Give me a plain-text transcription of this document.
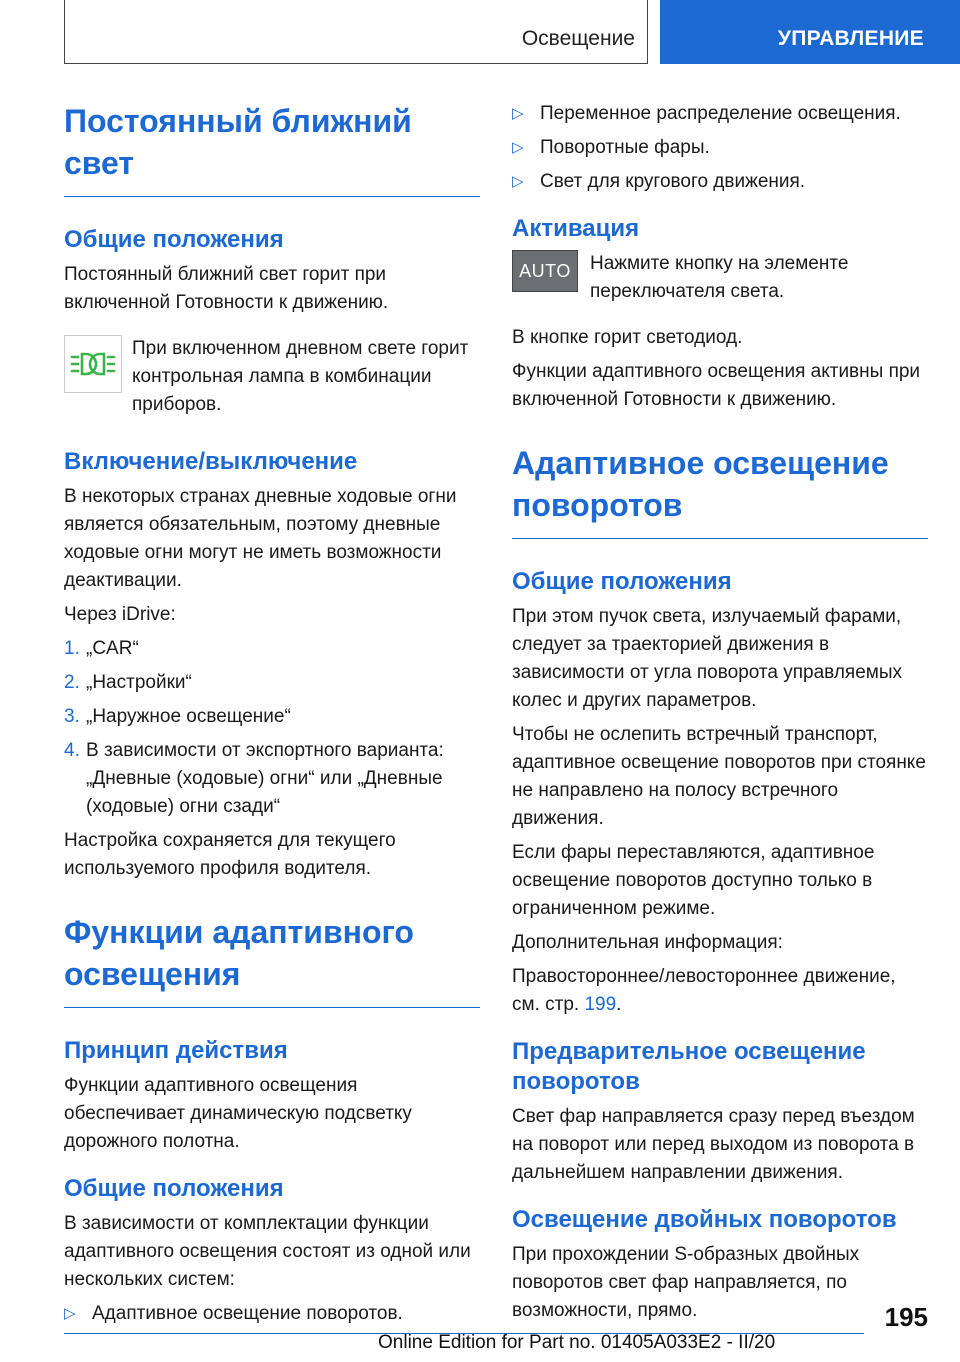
Освещение	УПРАВЛЕНИЕ
Постоянный ближний свет
Общие положения

Постоянный ближний свет горит при включенной Готовности к движению.

При включенном дневном свете горит контрольная лампа в комбинации приборов.

Включение/выключение

В некоторых странах дневные ходовые огни является обязательным, поэтому дневные ходовые огни могут не иметь возможности деактивации.

Через iDrive:

1. „CAR“
2. „Настройки“
3. „Наружное освещение“
4. В зависимости от экспортного варианта: „Дневные (ходовые) огни“ или „Дневные (ходовые) огни сзади“

Настройка сохраняется для текущего используемого профиля водителя.

Функции адаптивного освещения
Принцип действия

Функции адаптивного освещения обеспечивает динамическую подсветку дорожного полотна.

Общие положения

В зависимости от комплектации функции адаптивного освещения состоят из одной или нескольких систем:

▷ Адаптивное освещение поворотов.
▷ Переменное распределение освещения.
▷ Поворотные фары.
▷ Свет для кругового движения.
Активация
AUTO Нажмите кнопку на элементе переключателя света.

В кнопке горит светодиод.

Функции адаптивного освещения активны при включенной Готовности к движению.

Адаптивное освещение поворотов
Общие положения

При этом пучок света, излучаемый фарами, следует за траекторией движения в зависимости от угла поворота управляемых колес и других параметров.

Чтобы не ослепить встречный транспорт, адаптивное освещение поворотов при стоянке не направлено на полосу встречного движения.

Если фары переставляются, адаптивное освещение поворотов доступно только в ограниченном режиме.

Дополнительная информация:

Правостороннее/левостороннее движение, см. стр. 199.

Предварительное освещение поворотов

Свет фар направляется сразу перед въездом на поворот или перед выходом из поворота в дальнейшем направлении движения.

Освещение двойных поворотов

При прохождении S-образных двойных поворотов свет фар направляется, по возможности, прямо.	195
Online Edition for Part no. 01405A033E2 - II/20
